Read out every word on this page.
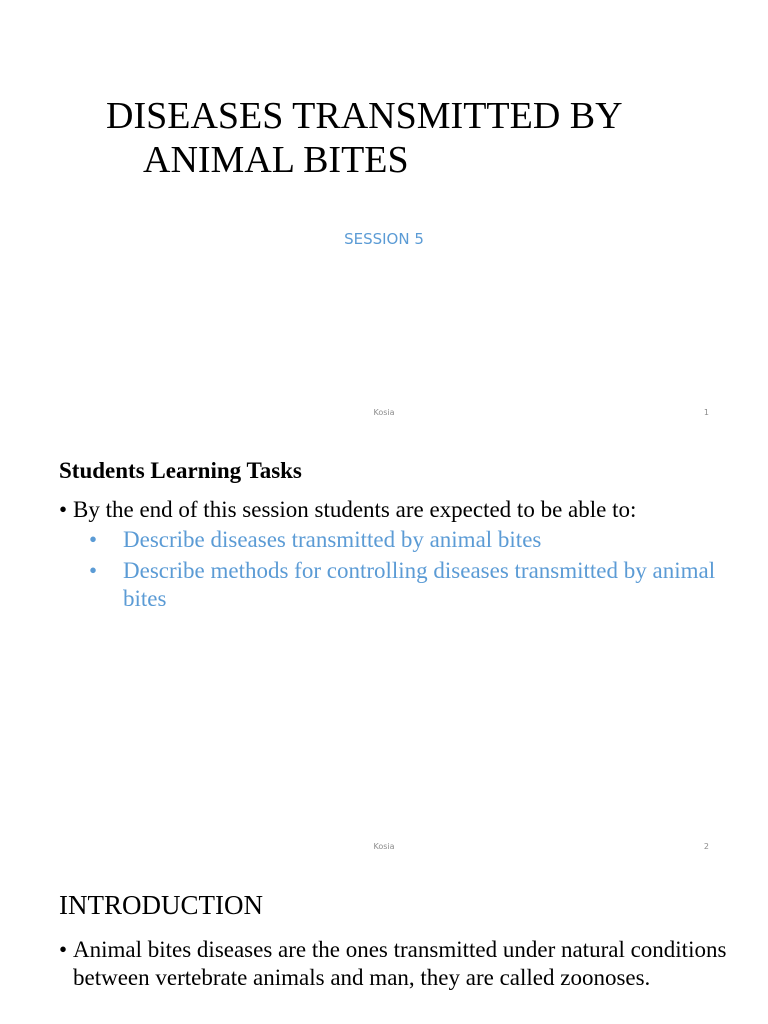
DISEASES TRANSMITTED BY
ANIMAL BITES
SESSION 5
Kosia	1
Students Learning Tasks
• By the end of this session students are expected to be able to:
• Describe diseases transmitted by animal bites
• Describe methods for controlling diseases transmitted by animal bites
Kosia	2
INTRODUCTION
• Animal bites diseases are the ones transmitted under natural conditions between vertebrate animals and man, they are called zoonoses.
